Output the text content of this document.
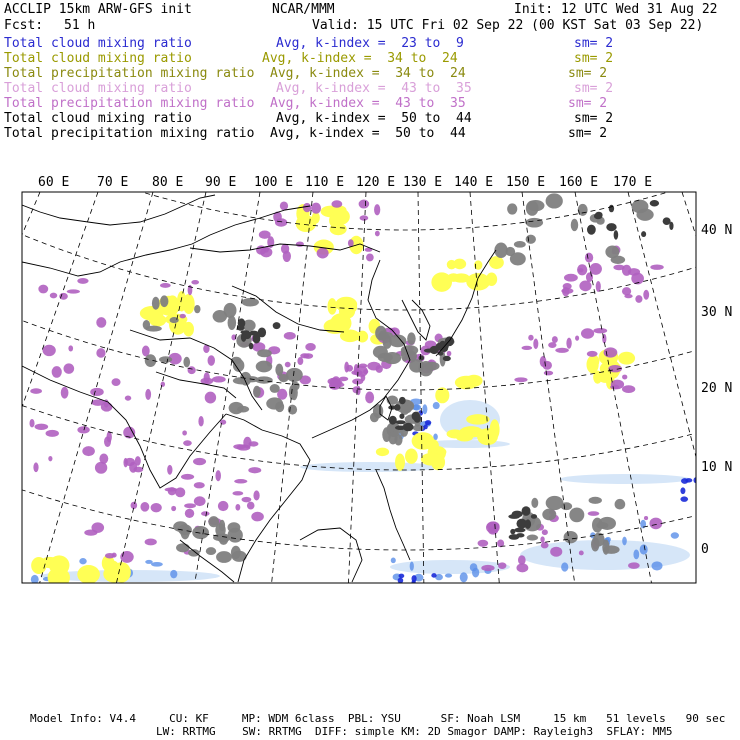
ACCLIP 15km ARW-GFS init	NCAR/MMM	Init: 12 UTC Wed 31 Aug 22
Fcst: 51 h	Valid: 15 UTC Fri 02 Sep 22 (00 KST Sat 03 Sep 22)
Total cloud mixing ratio	Avg, k-index =  23 to  9	sm= 2
Total cloud mixing ratio	Avg, k-index =  34 to  24	sm= 2
Total precipitation mixing ratio Avg, k-index =  34 to  24	sm= 2
Total cloud mixing ratio	Avg, k-index =  43 to  35	sm= 2
Total precipitation mixing ratio Avg, k-index =  43 to  35	sm= 2
Total cloud mixing ratio	Avg, k-index =  50 to  44	sm= 2
Total precipitation mixing ratio Avg, k-index =  50 to  44	sm= 2
60 E 70 E 80 E 90 E 100 E 110 E 120 E 130 E 140 E 150 E 160 E 170 E
40 N
30 N
20 N
10 N
0
Model Info: V4.4     CU: KF     MP: WDM 6class  PBL: YSU      SF: Noah LSM     15 km   51 levels   90 sec
LW: RRTMG    SW: RRTMG  DIFF: simple KM: 2D Smagor DAMP: Rayleigh3  SFLAY: MM5
